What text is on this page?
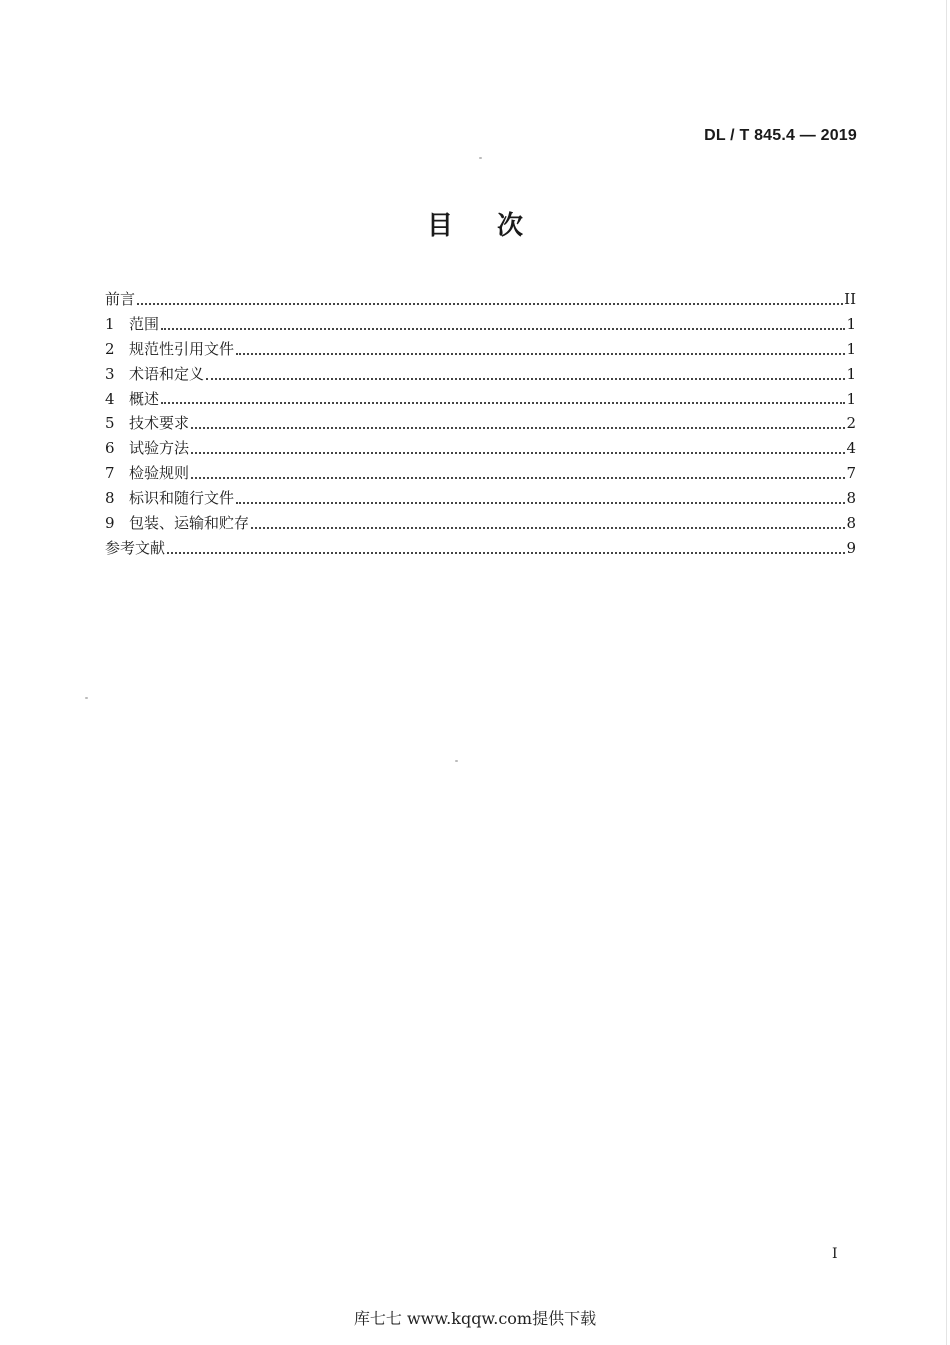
DL / T 845.4 — 2019
目次
前言	II
1 范围	1
2 规范性引用文件	1
3 术语和定义	1
4 概述	1
5 技术要求	2
6 试验方法	4
7 检验规则	7
8 标识和随行文件	8
9 包装、运输和贮存	8
参考文献	9
I
库七七 www.kqqw.com提供下载
